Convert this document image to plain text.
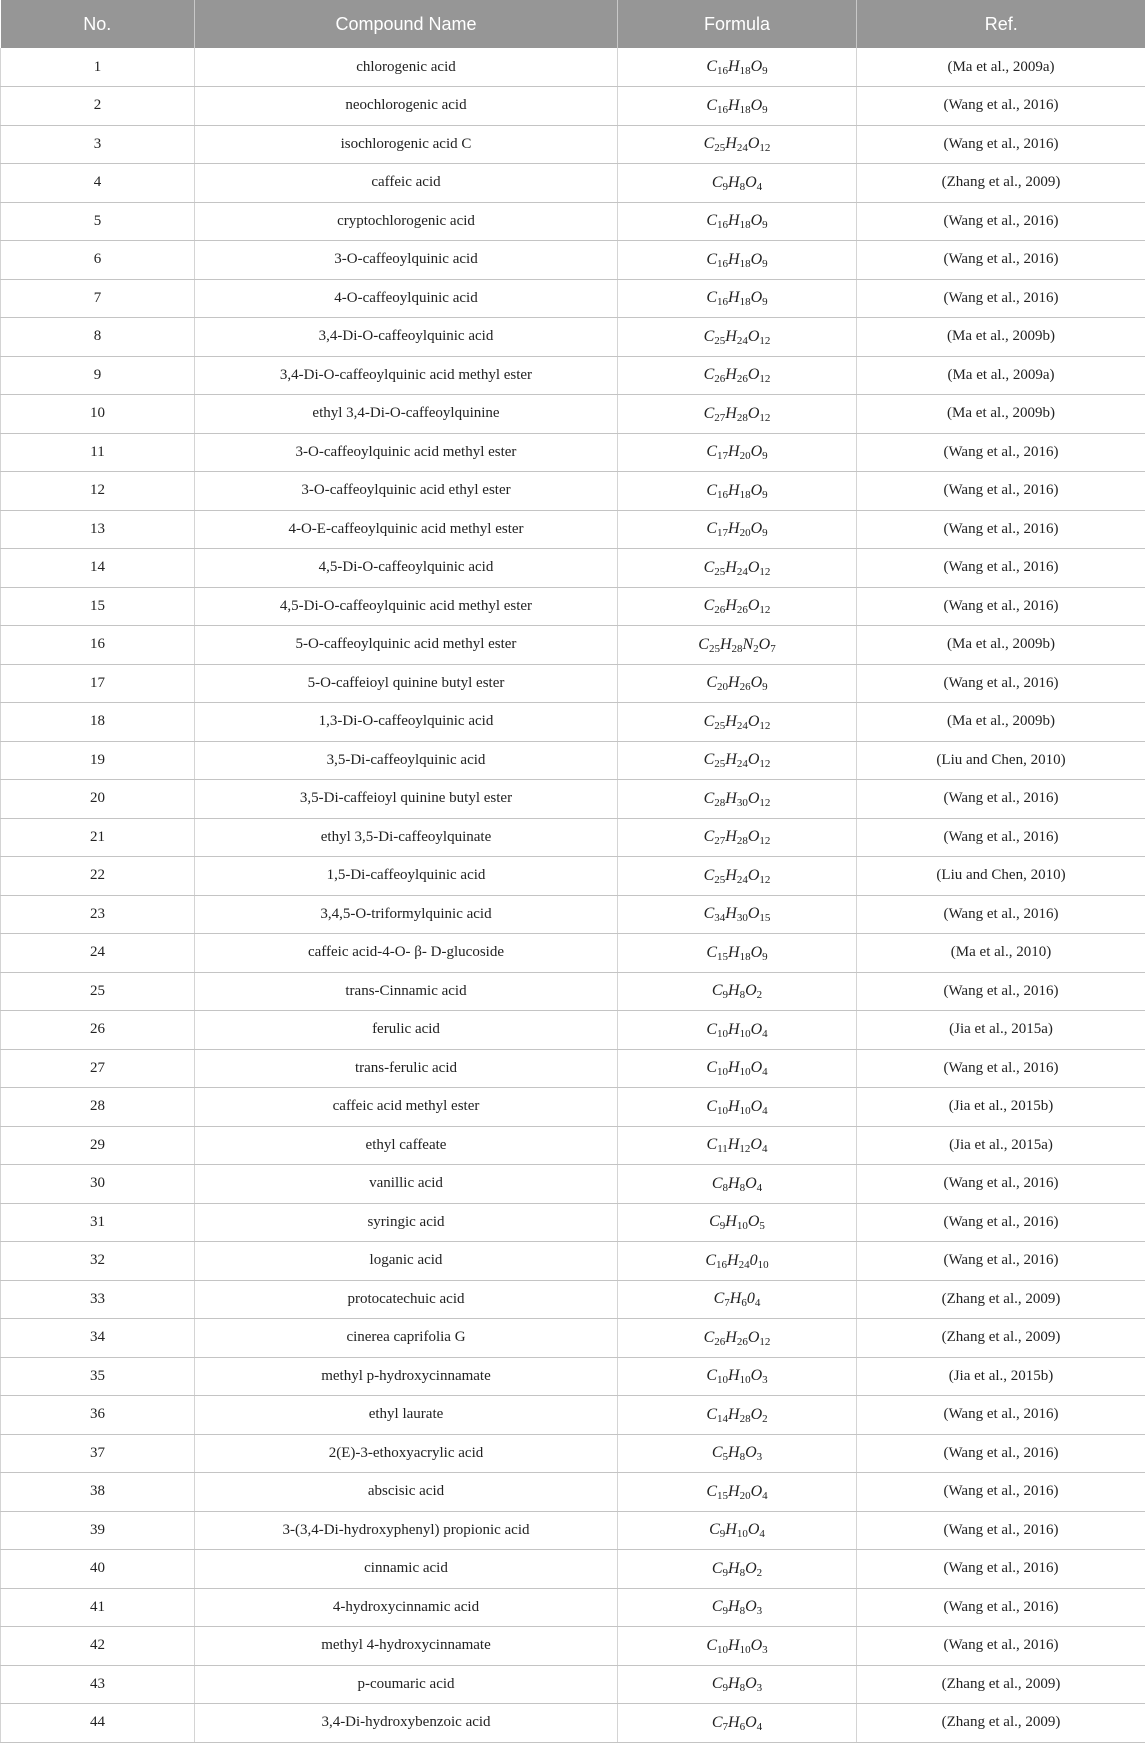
No.	Compound Name	Formula	Ref.
1	chlorogenic acid	$C_{16}H_{18}O_9$	(Ma et al., 2009a)
2	neochlorogenic acid	$C_{16}H_{18}O_9$	(Wang et al., 2016)
3	isochlorogenic acid C	$C_{25}H_{24}O_{12}$	(Wang et al., 2016)
4	caffeic acid	$C_9H_8O_4$	(Zhang et al., 2009)
5	cryptochlorogenic acid	$C_{16}H_{18}O_9$	(Wang et al., 2016)
6	3-O-caffeoylquinic acid	$C_{16}H_{18}O_9$	(Wang et al., 2016)
7	4-O-caffeoylquinic acid	$C_{16}H_{18}O_9$	(Wang et al., 2016)
8	3,4-Di-O-caffeoylquinic acid	$C_{25}H_{24}O_{12}$	(Ma et al., 2009b)
9	3,4-Di-O-caffeoylquinic acid methyl ester	$C_{26}H_{26}O_{12}$	(Ma et al., 2009a)
10	ethyl 3,4-Di-O-caffeoylquinine	$C_{27}H_{28}O_{12}$	(Ma et al., 2009b)
11	3-O-caffeoylquinic acid methyl ester	$C_{17}H_{20}O_9$	(Wang et al., 2016)
12	3-O-caffeoylquinic acid ethyl ester	$C_{16}H_{18}O_9$	(Wang et al., 2016)
13	4-O-E-caffeoylquinic acid methyl ester	$C_{17}H_{20}O_9$	(Wang et al., 2016)
14	4,5-Di-O-caffeoylquinic acid	$C_{25}H_{24}O_{12}$	(Wang et al., 2016)
15	4,5-Di-O-caffeoylquinic acid methyl ester	$C_{26}H_{26}O_{12}$	(Wang et al., 2016)
16	5-O-caffeoylquinic acid methyl ester	$C_{25}H_{28}N_2O_7$	(Ma et al., 2009b)
17	5-O-caffeioyl quinine butyl ester	$C_{20}H_{26}O_9$	(Wang et al., 2016)
18	1,3-Di-O-caffeoylquinic acid	$C_{25}H_{24}O_{12}$	(Ma et al., 2009b)
19	3,5-Di-caffeoylquinic acid	$C_{25}H_{24}O_{12}$	(Liu and Chen, 2010)
20	3,5-Di-caffeioyl quinine butyl ester	$C_{28}H_{30}O_{12}$	(Wang et al., 2016)
21	ethyl 3,5-Di-caffeoylquinate	$C_{27}H_{28}O_{12}$	(Wang et al., 2016)
22	1,5-Di-caffeoylquinic acid	$C_{25}H_{24}O_{12}$	(Liu and Chen, 2010)
23	3,4,5-O-triformylquinic acid	$C_{34}H_{30}O_{15}$	(Wang et al., 2016)
24	caffeic acid-4-O- β- D-glucoside	$C_{15}H_{18}O_9$	(Ma et al., 2010)
25	trans-Cinnamic acid	$C_9H_8O_2$	(Wang et al., 2016)
26	ferulic acid	$C_{10}H_{10}O_4$	(Jia et al., 2015a)
27	trans-ferulic acid	$C_{10}H_{10}O_4$	(Wang et al., 2016)
28	caffeic acid methyl ester	$C_{10}H_{10}O_4$	(Jia et al., 2015b)
29	ethyl caffeate	$C_{11}H_{12}O_4$	(Jia et al., 2015a)
30	vanillic acid	$C_8H_8O_4$	(Wang et al., 2016)
31	syringic acid	$C_9H_{10}O_5$	(Wang et al., 2016)
32	loganic acid	$C_{16}H_{24}0_{10}$	(Wang et al., 2016)
33	protocatechuic acid	$C_7H_60_4$	(Zhang et al., 2009)
34	cinerea caprifolia G	$C_{26}H_{26}O_{12}$	(Zhang et al., 2009)
35	methyl p-hydroxycinnamate	$C_{10}H_{10}O_3$	(Jia et al., 2015b)
36	ethyl laurate	$C_{14}H_{28}O_2$	(Wang et al., 2016)
37	2(E)-3-ethoxyacrylic acid	$C_5H_8O_3$	(Wang et al., 2016)
38	abscisic acid	$C_{15}H_{20}O_4$	(Wang et al., 2016)
39	3-(3,4-Di-hydroxyphenyl) propionic acid	$C_9H_{10}O_4$	(Wang et al., 2016)
40	cinnamic acid	$C_9H_8O_2$	(Wang et al., 2016)
41	4-hydroxycinnamic acid	$C_9H_8O_3$	(Wang et al., 2016)
42	methyl 4-hydroxycinnamate	$C_{10}H_{10}O_3$	(Wang et al., 2016)
43	p-coumaric acid	$C_9H_8O_3$	(Zhang et al., 2009)
44	3,4-Di-hydroxybenzoic acid	$C_7H_6O_4$	(Zhang et al., 2009)
